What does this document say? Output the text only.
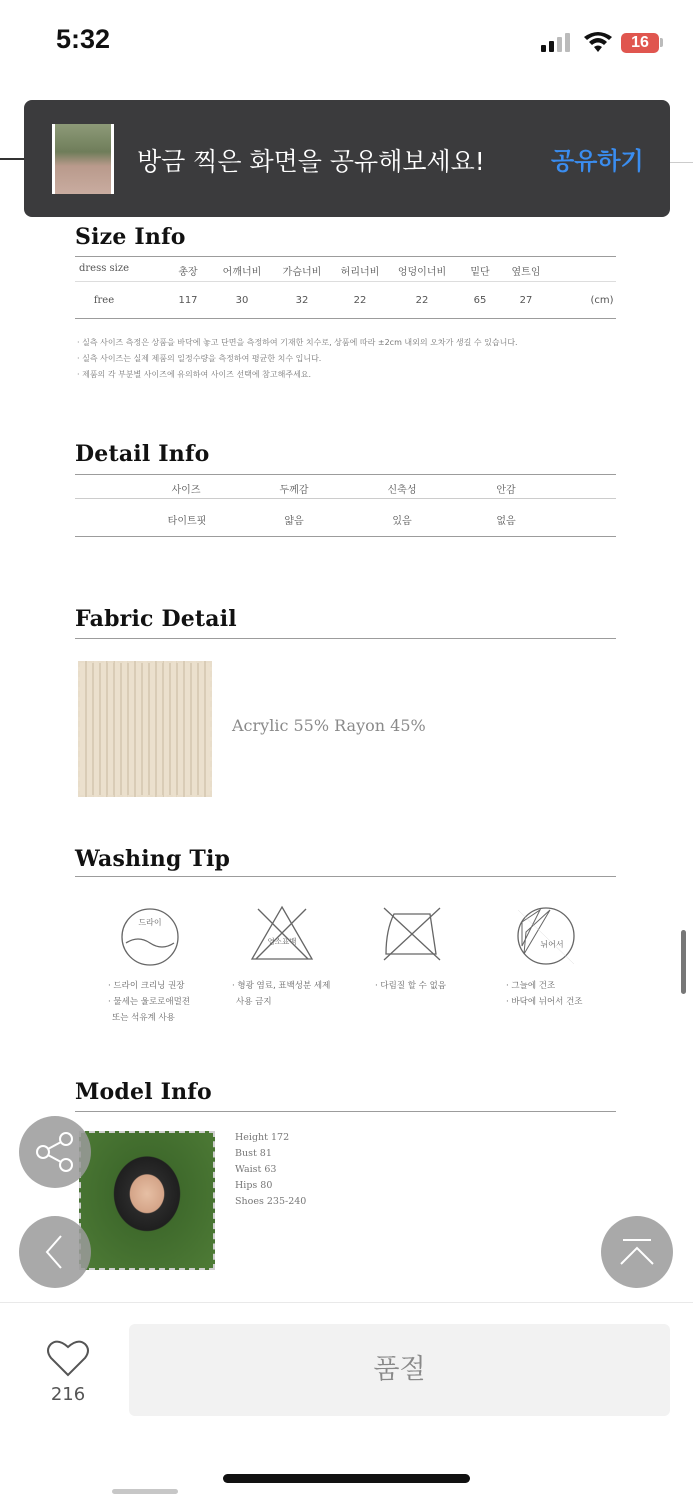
5:32	16
방금 찍은 화면을 공유해보세요!	공유하기
Size Info
dress size	총장	어깨너비	가슴너비	허리너비	엉덩이너비	밑단	옆트임
free	117	30	32	22	22	65	27	(cm)
· 실측 사이즈 측정은 상품을 바닥에 놓고 단면을 측정하여 기재한 치수로, 상품에 따라 ±2cm 내외의 오차가 생길 수 있습니다.
· 실측 사이즈는 실제 제품의 일정수량을 측정하여 평균한 치수 입니다.
· 제품의 각 부분별 사이즈에 유의하여 사이즈 선택에 참고해주세요.
Detail Info
사이즈	두께감	신축성	안감
타이트핏	얇음	있음	없음
Fabric Detail
Acrylic 55% Rayon 45%
Washing Tip
드라이
염소표백	뉘어서
· 드라이 크리닝 권장
· 물세는 울로로애멀젼
또는 석유계 사용
· 형광 염료, 표백성분 세제
사용 금지
· 다림질 할 수 없음	· 그늘에 건조
· 바닥에 뉘어서 건조
Model Info
Height 172
Bust 81
Waist 63
Hips 80
Shoes 235-240
216
품절
